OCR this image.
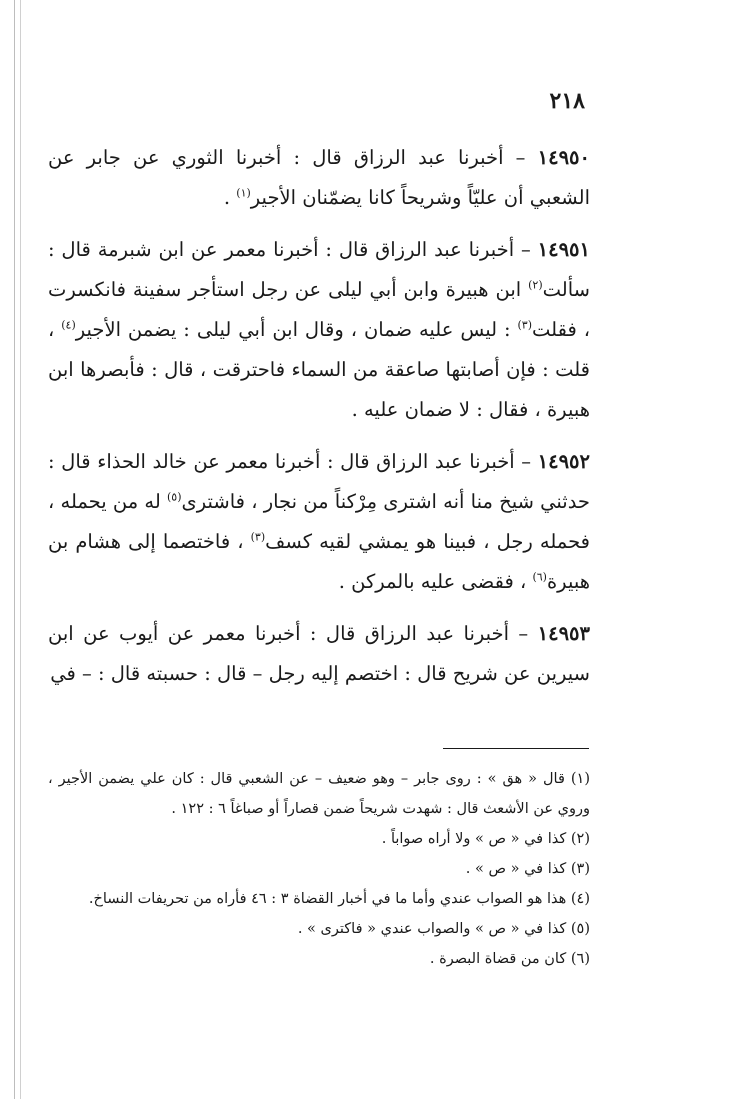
٢١٨

١٤٩٥٠ – أخبرنا عبد الرزاق قال : أخبرنا الثوري عن جابر عن الشعبي أن عليّاً وشريحاً كانا يضمّنان الأجير$^{(١)}$ .

١٤٩٥١ – أخبرنا عبد الرزاق قال : أخبرنا معمر عن ابن شبرمة قال : سألت$^{(٢)}$ ابن هبيرة وابن أبي ليلى عن رجل استأجر سفينة فانكسرت ، فقلت$^{(٣)}$ : ليس عليه ضمان ، وقال ابن أبي ليلى : يضمن الأجير$^{(٤)}$ ، قلت : فإن أصابتها صاعقة من السماء فاحترقت ، قال : فأبصرها ابن هبيرة ، فقال : لا ضمان عليه .

١٤٩٥٢ – أخبرنا عبد الرزاق قال : أخبرنا معمر عن خالد الحذاء قال : حدثني شيخ منا أنه اشترى مِرْكناً من نجار ، فاشترى$^{(٥)}$ له من يحمله ، فحمله رجل ، فبينا هو يمشي لقيه كسف$^{(٣)}$ ، فاختصما إلى هشام بن هبيرة$^{(٦)}$ ، فقضى عليه بالمركن .

١٤٩٥٣ – أخبرنا عبد الرزاق قال : أخبرنا معمر عن أيوب عن ابن سيرين عن شريح قال : اختصم إليه رجل – قال : حسبته قال : – في

(١) قال « هق » : روى جابر – وهو ضعيف – عن الشعبي قال : كان علي يضمن الأجير ، وروي عن الأشعث قال : شهدت شريحاً ضمن قصاراً أو صباغاً ٦ : ١٢٢ .

(٢) كذا في « ص » ولا أراه صواباً .

(٣) كذا في « ص » .

(٤) هذا هو الصواب عندي وأما ما في أخبار القضاة ٣ : ٤٦ فأراه من تحريفات النساخ.

(٥) كذا في « ص » والصواب عندي « فاكترى » .

(٦) كان من قضاة البصرة .
